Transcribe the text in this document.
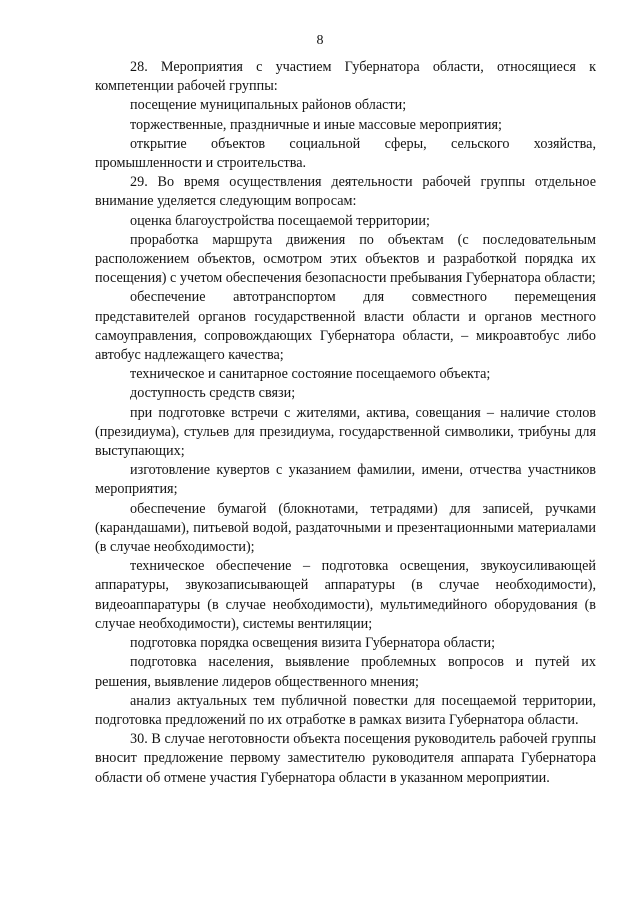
8

28. Мероприятия с участием Губернатора области, относящиеся к компетенции рабочей группы:

посещение муниципальных районов области;

торжественные, праздничные и иные массовые мероприятия;

открытие объектов социальной сферы, сельского хозяйства, промышленности и строительства.

29. Во время осуществления деятельности рабочей группы отдельное внимание уделяется следующим вопросам:

оценка благоустройства посещаемой территории;

проработка маршрута движения по объектам (с последовательным расположением объектов, осмотром этих объектов и разработкой порядка их посещения) с учетом обеспечения безопасности пребывания Губернатора области;

обеспечение автотранспортом для совместного перемещения представителей органов государственной власти области и органов местного самоуправления, сопровождающих Губернатора области, – микроавтобус либо автобус надлежащего качества;

техническое и санитарное состояние посещаемого объекта;

доступность средств связи;

при подготовке встречи с жителями, актива, совещания – наличие столов (президиума), стульев для президиума, государственной символики, трибуны для выступающих;

изготовление кувертов с указанием фамилии, имени, отчества участников мероприятия;

обеспечение бумагой (блокнотами, тетрадями) для записей, ручками (карандашами), питьевой водой, раздаточными и презентационными материалами (в случае необходимости);

техническое обеспечение – подготовка освещения, звукоусиливающей аппаратуры, звукозаписывающей аппаратуры (в случае необходимости), видеоаппаратуры (в случае необходимости), мультимедийного оборудования (в случае необходимости), системы вентиляции;

подготовка порядка освещения визита Губернатора области;

подготовка населения, выявление проблемных вопросов и путей их решения, выявление лидеров общественного мнения;

анализ актуальных тем публичной повестки для посещаемой территории, подготовка предложений по их отработке в рамках визита Губернатора области.

30. В случае неготовности объекта посещения руководитель рабочей группы вносит предложение первому заместителю руководителя аппарата Губернатора области об отмене участия Губернатора области в указанном мероприятии.
